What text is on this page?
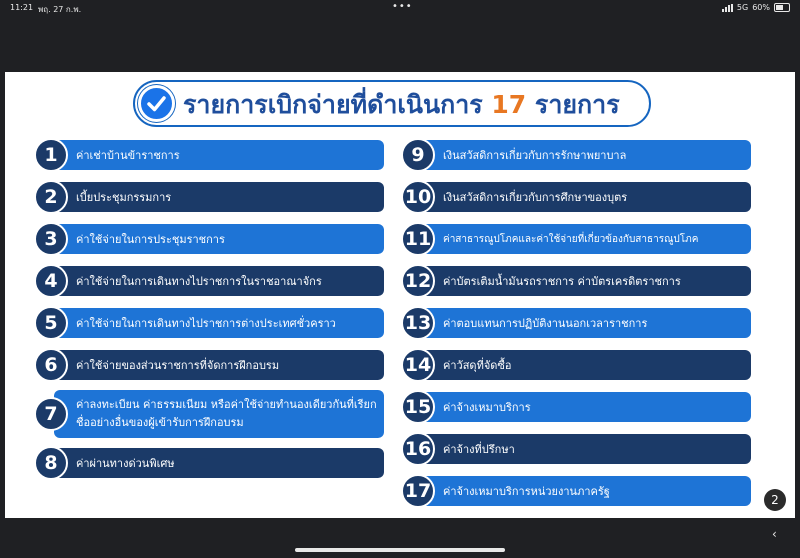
11:21 พฤ. 27 ก.พ.	•••	5G 60%
รายการเบิกจ่ายที่ดำเนินการ 17 รายการ
1	ค่าเช่าบ้านข้าราชการ
2	เบี้ยประชุมกรรมการ
3	ค่าใช้จ่ายในการประชุมราชการ
4	ค่าใช้จ่ายในการเดินทางไปราชการในราชอาณาจักร
5	ค่าใช้จ่ายในการเดินทางไปราชการต่างประเทศชั่วคราว
6	ค่าใช้จ่ายของส่วนราชการที่จัดการฝึกอบรม
7	ค่าลงทะเบียน ค่าธรรมเนียม หรือค่าใช้จ่ายทำนองเดียวกันที่เรียกชื่ออย่างอื่นของผู้เข้ารับการฝึกอบรม
8	ค่าผ่านทางด่วนพิเศษ
9	เงินสวัสดิการเกี่ยวกับการรักษาพยาบาล
10	เงินสวัสดิการเกี่ยวกับการศึกษาของบุตร
11	ค่าสาธารณูปโภคและค่าใช้จ่ายที่เกี่ยวข้องกับสาธารณูปโภค
12	ค่าบัตรเติมน้ำมันรถราชการ ค่าบัตรเครดิตราชการ
13	ค่าตอบแทนการปฏิบัติงานนอกเวลาราชการ
14	ค่าวัสดุที่จัดซื้อ
15	ค่าจ้างเหมาบริการ
16	ค่าจ้างที่ปรึกษา
17	ค่าจ้างเหมาบริการหน่วยงานภาครัฐ
2
‹
